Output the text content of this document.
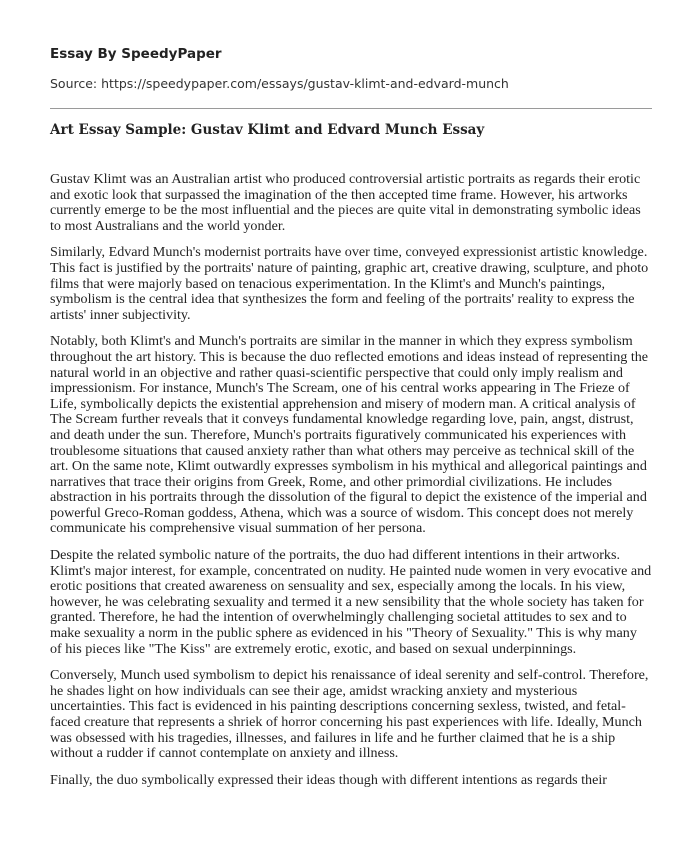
Essay By SpeedyPaper

Source: https://speedypaper.com/essays/gustav-klimt-and-edvard-munch

Art Essay Sample: Gustav Klimt and Edvard Munch Essay

Gustav Klimt was an Australian artist who produced controversial artistic portraits as regards their erotic and exotic look that surpassed the imagination of the then accepted time frame. However, his artworks currently emerge to be the most influential and the pieces are quite vital in demonstrating symbolic ideas to most Australians and the world yonder.

Similarly, Edvard Munch's modernist portraits have over time, conveyed expressionist artistic knowledge. This fact is justified by the portraits' nature of painting, graphic art, creative drawing, sculpture, and photo films that were majorly based on tenacious experimentation. In the Klimt's and Munch's paintings, symbolism is the central idea that synthesizes the form and feeling of the portraits' reality to express the artists' inner subjectivity.

Notably, both Klimt's and Munch's portraits are similar in the manner in which they express symbolism throughout the art history. This is because the duo reflected emotions and ideas instead of representing the natural world in an objective and rather quasi-scientific perspective that could only imply realism and impressionism. For instance, Munch's The Scream, one of his central works appearing in The Frieze of Life, symbolically depicts the existential apprehension and misery of modern man. A critical analysis of The Scream further reveals that it conveys fundamental knowledge regarding love, pain, angst, distrust, and death under the sun. Therefore, Munch's portraits figuratively communicated his experiences with troublesome situations that caused anxiety rather than what others may perceive as technical skill of the art. On the same note, Klimt outwardly expresses symbolism in his mythical and allegorical paintings and narratives that trace their origins from Greek, Rome, and other primordial civilizations. He includes abstraction in his portraits through the dissolution of the figural to depict the existence of the imperial and powerful Greco-Roman goddess, Athena, which was a source of wisdom. This concept does not merely communicate his comprehensive visual summation of her persona.

Despite the related symbolic nature of the portraits, the duo had different intentions in their artworks. Klimt's major interest, for example, concentrated on nudity. He painted nude women in very evocative and erotic positions that created awareness on sensuality and sex, especially among the locals. In his view, however, he was celebrating sexuality and termed it a new sensibility that the whole society has taken for granted. Therefore, he had the intention of overwhelmingly challenging societal attitudes to sex and to make sexuality a norm in the public sphere as evidenced in his "Theory of Sexuality." This is why many of his pieces like "The Kiss" are extremely erotic, exotic, and based on sexual underpinnings.

Conversely, Munch used symbolism to depict his renaissance of ideal serenity and self-control. Therefore, he shades light on how individuals can see their age, amidst wracking anxiety and mysterious uncertainties. This fact is evidenced in his painting descriptions concerning sexless, twisted, and fetal-faced creature that represents a shriek of horror concerning his past experiences with life. Ideally, Munch was obsessed with his tragedies, illnesses, and failures in life and he further claimed that he is a ship without a rudder if cannot contemplate on anxiety and illness.

Finally, the duo symbolically expressed their ideas though with different intentions as regards their
